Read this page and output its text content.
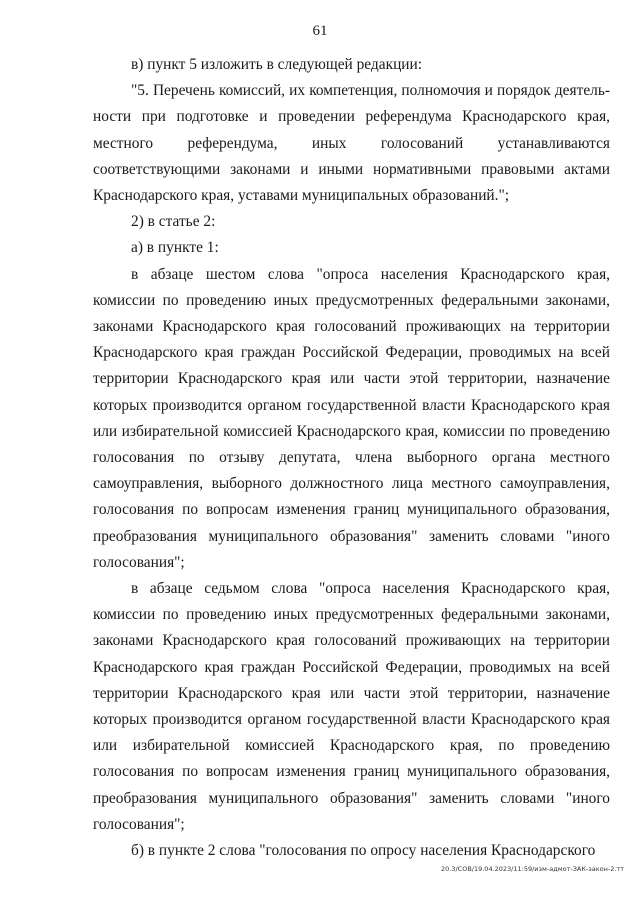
61

в) пункт 5 изложить в следующей редакции:

"5. Перечень комиссий, их компетенция, полномочия и порядок деятельности при подготовке и проведении референдума Краснодарского края, местного референдума, иных голосований устанавливаются соответствующими законами и иными нормативными правовыми актами Краснодарского края, уставами муниципальных образований.";

2) в статье 2:

а) в пункте 1:

в абзаце шестом слова "опроса населения Краснодарского края, комиссии по проведению иных предусмотренных федеральными законами, законами Краснодарского края голосований проживающих на территории Краснодарского края граждан Российской Федерации, проводимых на всей территории Краснодарского края или части этой территории, назначение которых производится органом государственной власти Краснодарского края или избирательной комиссией Краснодарского края, комиссии по проведению голосования по отзыву депутата, члена выборного органа местного самоуправления, выборного должностного лица местного самоуправления, голосования по вопросам изменения границ муниципального образования, преобразования муниципального образования" заменить словами "иного голосования";

в абзаце седьмом слова "опроса населения Краснодарского края, комиссии по проведению иных предусмотренных федеральными законами, законами Краснодарского края голосований проживающих на территории Краснодарского края граждан Российской Федерации, проводимых на всей территории Краснодарского края или части этой территории, назначение которых производится органом государственной власти Краснодарского края или избирательной комиссией Краснодарского края, по проведению голосования по вопросам изменения границ муниципального образования, преобразования муниципального образования" заменить словами "иного голосования";

б) в пункте 2 слова "голосования по опросу населения Краснодарского

20.3/СОВ/19.04.2023/11:59/изм-адмот-ЗАК-закон-2.тт
